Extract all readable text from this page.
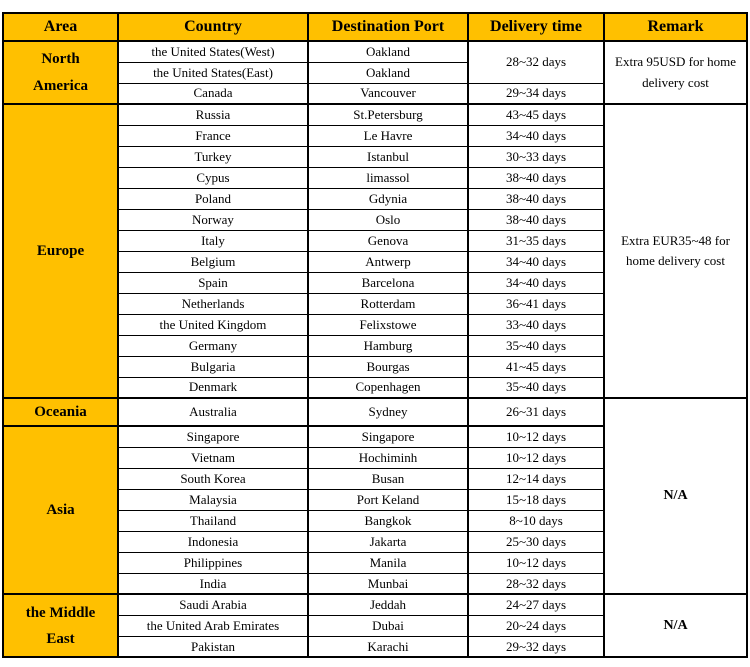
Area	Country	Destination Port	Delivery time	Remark
North America	the United States(West)	Oakland	28~32 days	Extra 95USD for home delivery cost
	the United States(East)	Oakland		
	Canada	Vancouver	29~34 days	
Europe	Russia	St.Petersburg	43~45 days	Extra EUR35~48 for home delivery cost
	France	Le Havre	34~40 days	
	Turkey	Istanbul	30~33 days	
	Cypus	limassol	38~40 days	
	Poland	Gdynia	38~40 days	
	Norway	Oslo	38~40 days	
	Italy	Genova	31~35 days	
	Belgium	Antwerp	34~40 days	
	Spain	Barcelona	34~40 days	
	Netherlands	Rotterdam	36~41 days	
	the United Kingdom	Felixstowe	33~40 days	
	Germany	Hamburg	35~40 days	
	Bulgaria	Bourgas	41~45 days	
	Denmark	Copenhagen	35~40 days	
Oceania	Australia	Sydney	26~31 days	N/A
Asia	Singapore	Singapore	10~12 days	
	Vietnam	Hochiminh	10~12 days	
	South Korea	Busan	12~14 days	
	Malaysia	Port Keland	15~18 days	
	Thailand	Bangkok	8~10 days	
	Indonesia	Jakarta	25~30 days	
	Philippines	Manila	10~12 days	
	India	Munbai	28~32 days	
the Middle East	Saudi Arabia	Jeddah	24~27 days	N/A
	the United Arab Emirates	Dubai	20~24 days	
	Pakistan	Karachi	29~32 days	
